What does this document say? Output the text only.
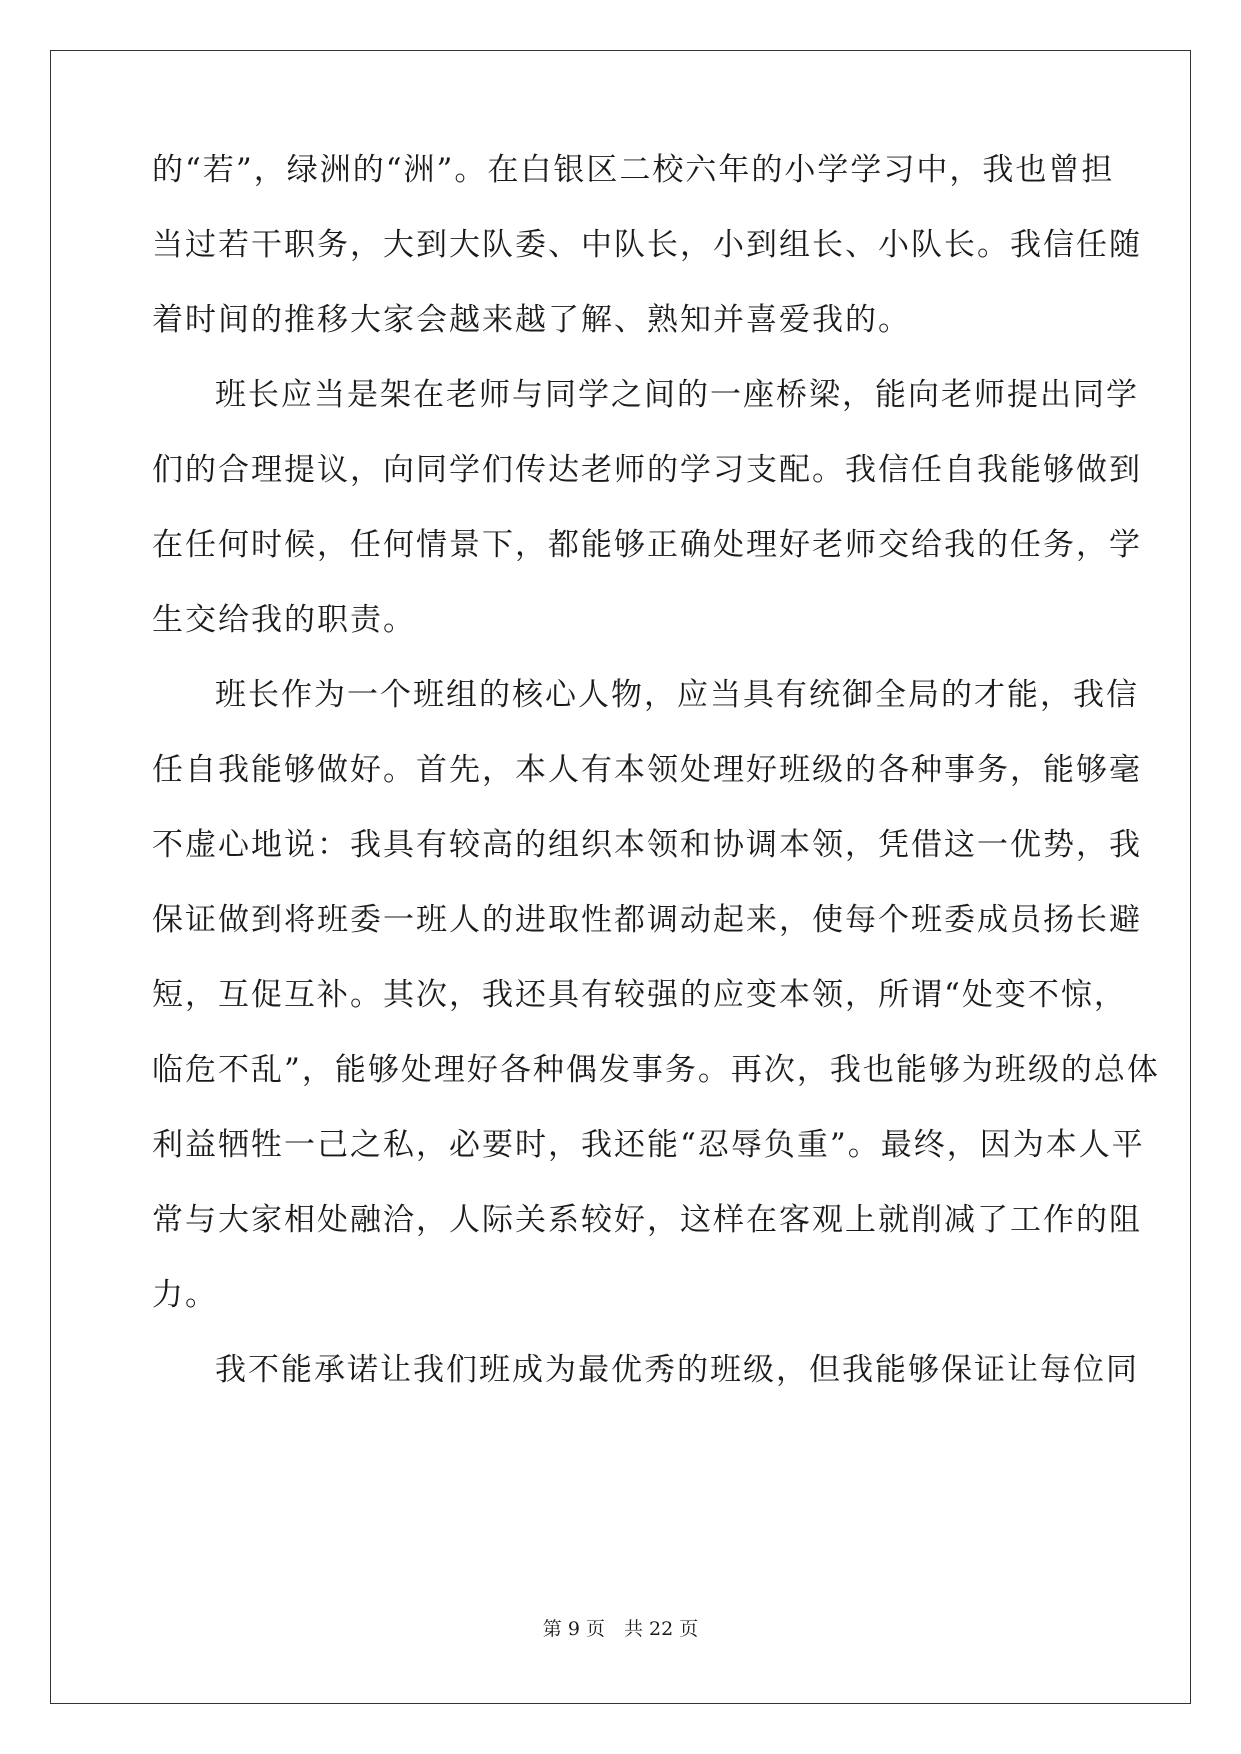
的“若”，绿洲的“洲”。在白银区二校六年的小学学习中，我也曾担
当过若干职务，大到大队委、中队长，小到组长、小队长。我信任随
着时间的推移大家会越来越了解、熟知并喜爱我的。
班长应当是架在老师与同学之间的一座桥梁，能向老师提出同学
们的合理提议，向同学们传达老师的学习支配。我信任自我能够做到
在任何时候，任何情景下，都能够正确处理好老师交给我的任务，学
生交给我的职责。
班长作为一个班组的核心人物，应当具有统御全局的才能，我信
任自我能够做好。首先，本人有本领处理好班级的各种事务，能够毫
不虚心地说：我具有较高的组织本领和协调本领，凭借这一优势，我
保证做到将班委一班人的进取性都调动起来，使每个班委成员扬长避
短，互促互补。其次，我还具有较强的应变本领，所谓“处变不惊，
临危不乱”，能够处理好各种偶发事务。再次，我也能够为班级的总体
利益牺牲一己之私，必要时，我还能“忍辱负重”。最终，因为本人平
常与大家相处融洽，人际关系较好，这样在客观上就削减了工作的阻
力。
我不能承诺让我们班成为最优秀的班级，但我能够保证让每位同
第 9 页　共 22 页
